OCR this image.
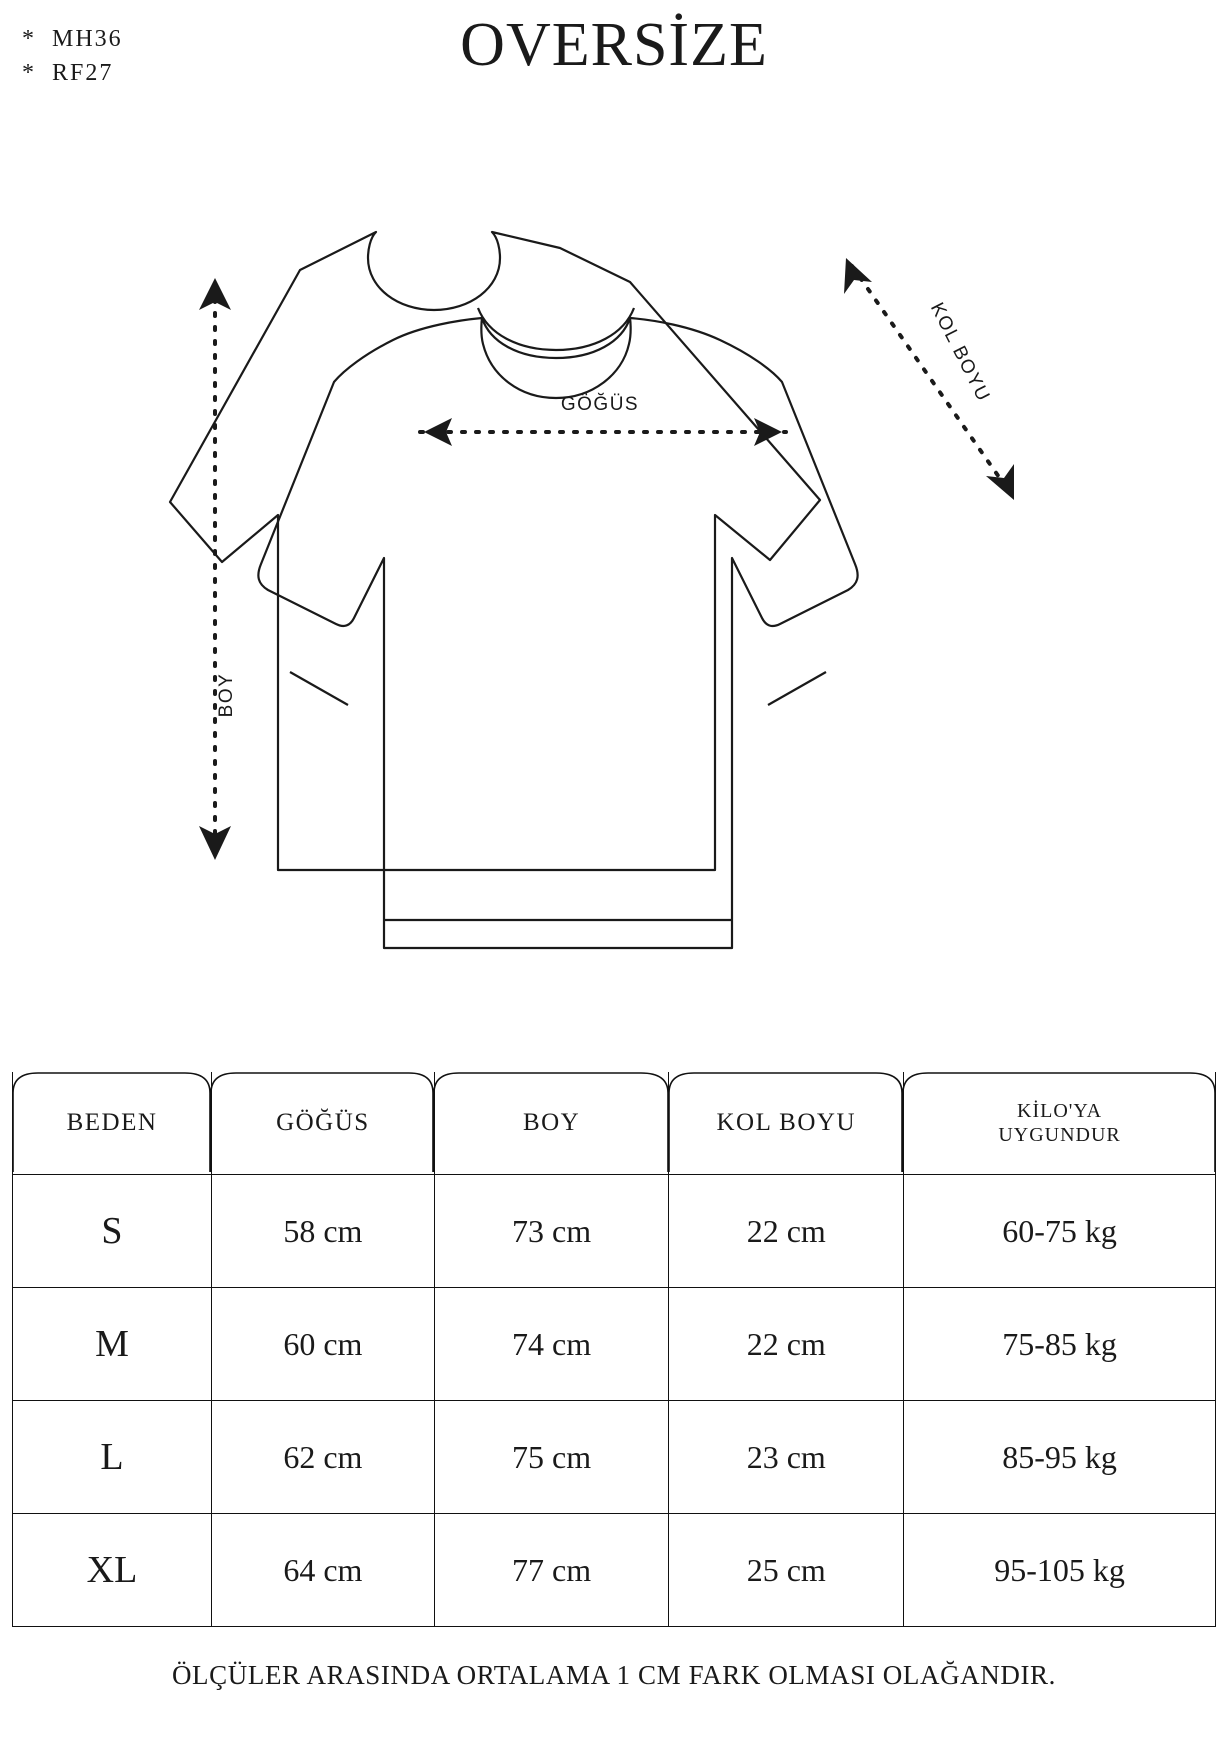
*  MH36
*  RF27	OVERSİZE
GÖĞÜS
BOY
KOL BOYU
BEDEN	GÖĞÜS	BOY	KOL BOYU	KİLO'YA
UYGUNDUR

S	58 cm	73 cm	22 cm	60-75 kg
M	60 cm	74 cm	22 cm	75-85 kg
L	62 cm	75 cm	23 cm	85-95 kg
XL	64 cm	77 cm	25 cm	95-105 kg
ÖLÇÜLER ARASINDA ORTALAMA 1 CM FARK OLMASI OLAĞANDIR.
